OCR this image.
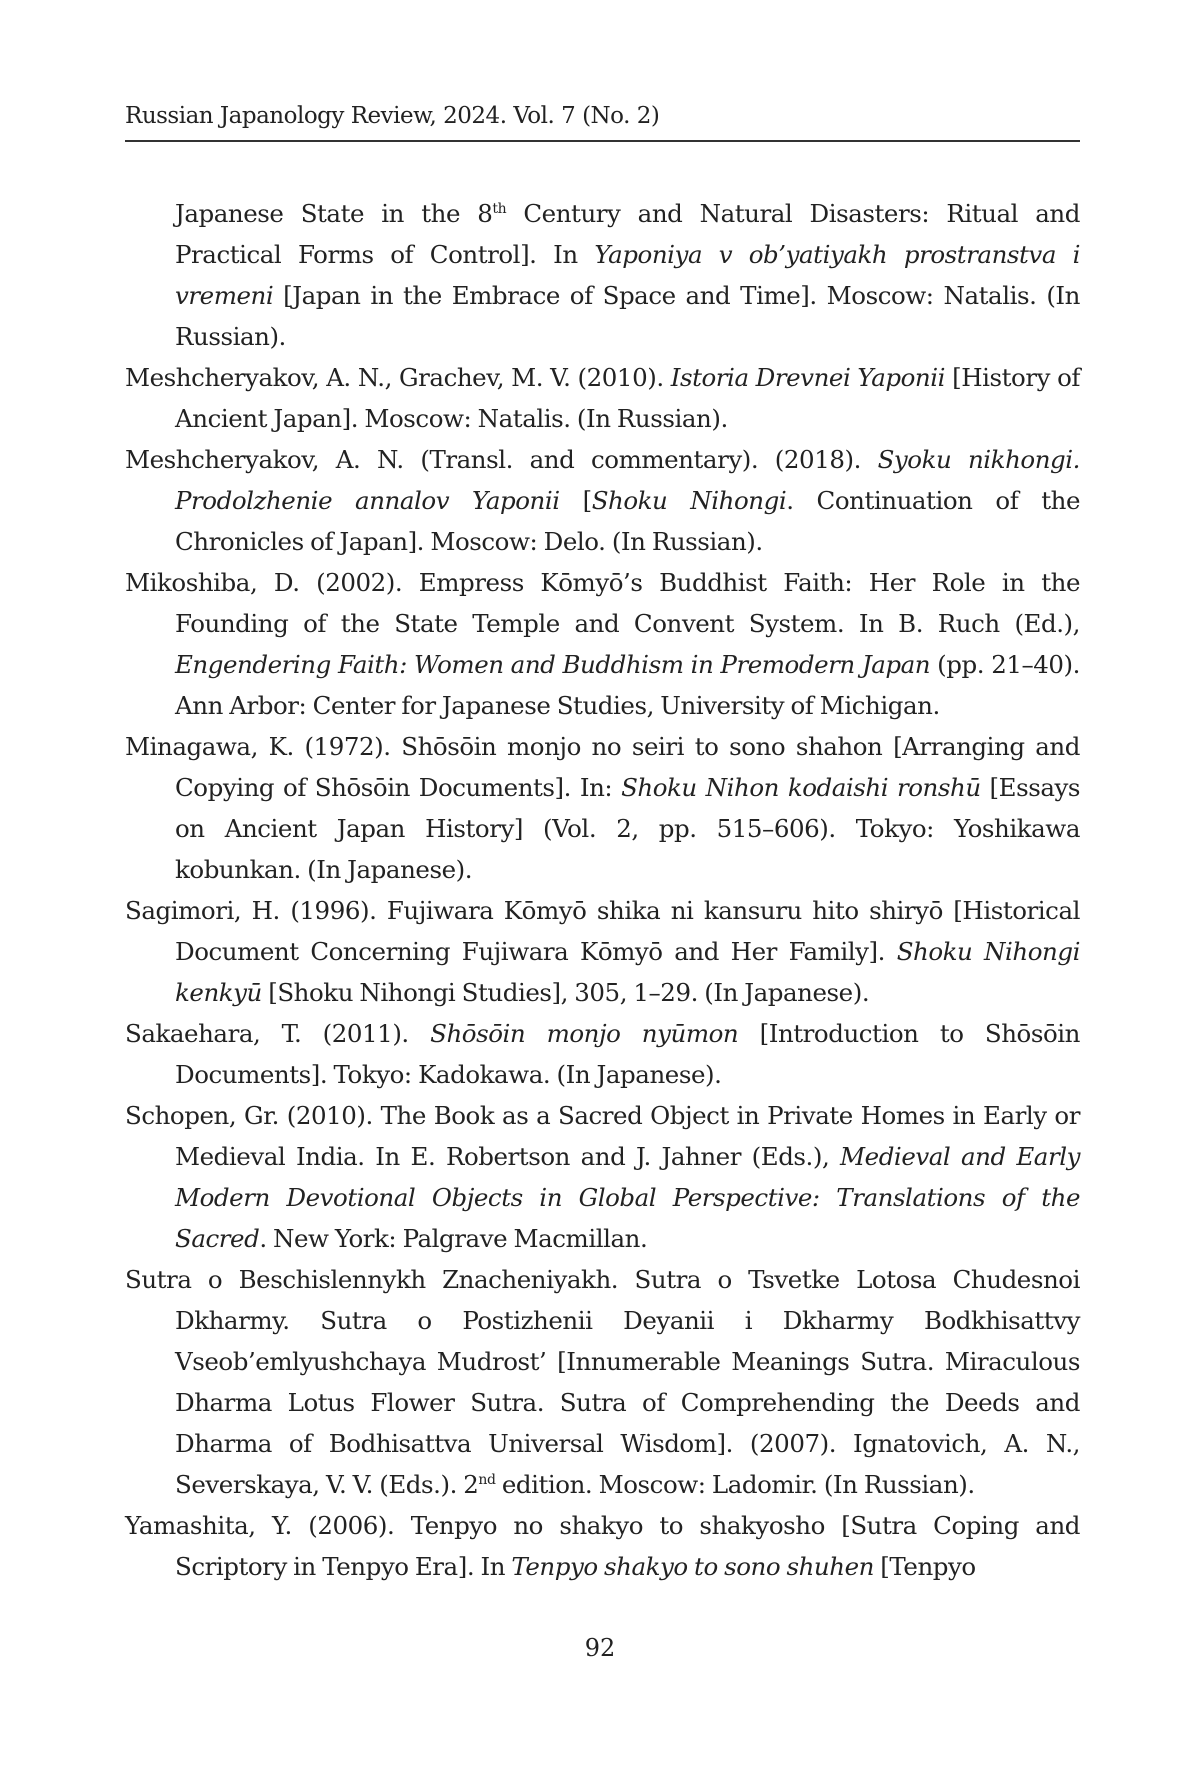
Russian Japanology Review, 2024. Vol. 7 (No. 2)

Japanese State in the 8th Century and Natural Disasters: Ritual and Practical Forms of Control]. In Yaponiya v ob’yatiyakh prostranstva i vremeni [Japan in the Embrace of Space and Time]. Moscow: Natalis. (In Russian).

Meshcheryakov, A. N., Grachev, M. V. (2010). Istoria Drevnei Yaponii [History of Ancient Japan]. Moscow: Natalis. (In Russian).

Meshcheryakov, A. N. (Transl. and commentary). (2018). Syoku nikhongi. Prodolzhenie annalov Yaponii [Shoku Nihongi. Continuation of the Chronicles of Japan]. Moscow: Delo. (In Russian).

Mikoshiba, D. (2002). Empress Kōmyō’s Buddhist Faith: Her Role in the Founding of the State Temple and Convent System. In B. Ruch (Ed.), Engendering Faith: Women and Buddhism in Premodern Japan (pp. 21–40). Ann Arbor: Center for Japanese Studies, University of Michigan.

Minagawa, K. (1972). Shōsōin monjo no seiri to sono shahon [Arranging and Copying of Shōsōin Documents]. In: Shoku Nihon kodaishi ronshū [Essays on Ancient Japan History] (Vol. 2, pp. 515–606). Tokyo: Yoshikawa kobunkan. (In Japanese).

Sagimori, H. (1996). Fujiwara Kōmyō shika ni kansuru hito shiryō [Historical Document Concerning Fujiwara Kōmyō and Her Family]. Shoku Nihongi kenkyū [Shoku Nihongi Studies], 305, 1–29. (In Japanese).

Sakaehara, T. (2011). Shōsōin monjo nyūmon [Introduction to Shōsōin Documents]. Tokyo: Kadokawa. (In Japanese).

Schopen, Gr. (2010). The Book as a Sacred Object in Private Homes in Early or Medieval India. In E. Robertson and J. Jahner (Eds.), Medieval and Early Modern Devotional Objects in Global Perspective: Translations of the Sacred. New York: Palgrave Macmillan.

Sutra o Beschislennykh Znacheniyakh. Sutra o Tsvetke Lotosa Chudesnoi Dkharmy. Sutra o Postizhenii Deyanii i Dkharmy Bodkhisattvy Vseob’emlyushchaya Mudrost’ [Innumerable Meanings Sutra. Miraculous Dharma Lotus Flower Sutra. Sutra of Comprehending the Deeds and Dharma of Bodhisattva Universal Wisdom]. (2007). Ignatovich, A. N., Severskaya, V. V. (Eds.). 2nd edition. Moscow: Ladomir. (In Russian).

Yamashita, Y. (2006). Tenpyo no shakyo to shakyosho [Sutra Coping and Scriptory in Tenpyo Era]. In Tenpyo shakyo to sono shuhen [Tenpyo

92
